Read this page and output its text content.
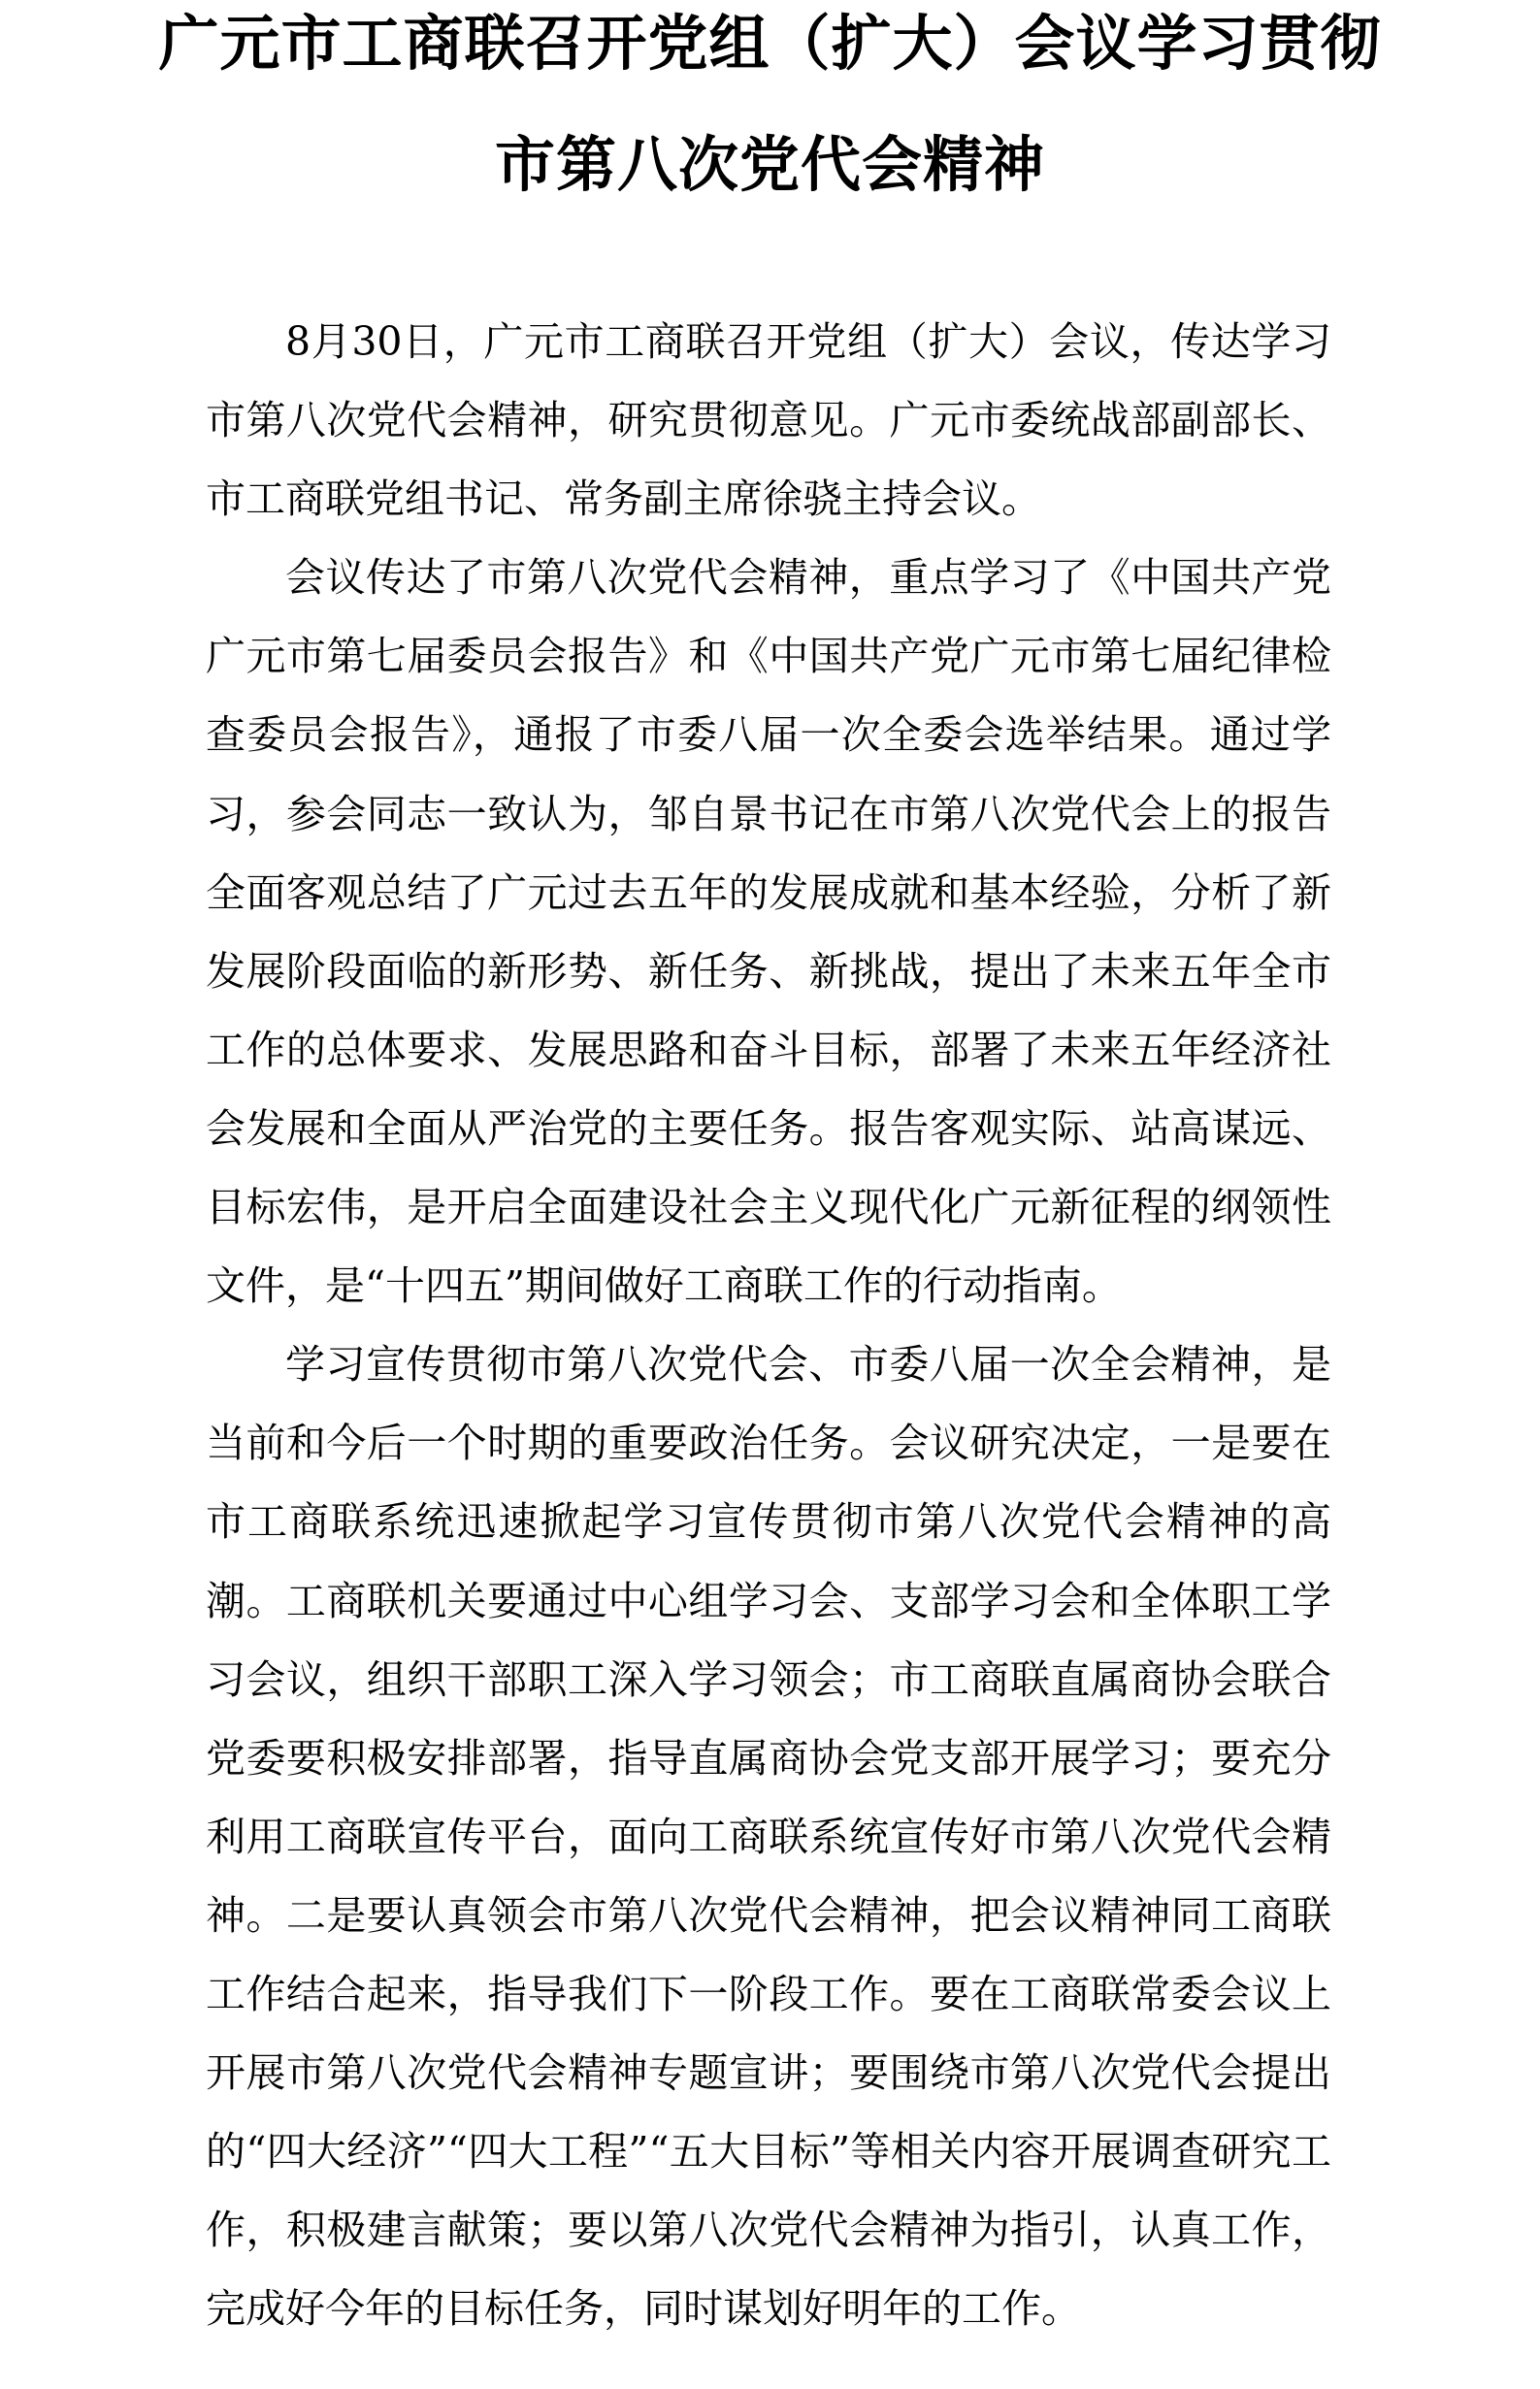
广元市工商联召开党组（扩大）会议学习贯彻
市第八次党代会精神

8月30日，广元市工商联召开党组（扩大）会议，传达学习市第八次党代会精神，研究贯彻意见。广元市委统战部副部长、市工商联党组书记、常务副主席徐骁主持会议。

会议传达了市第八次党代会精神，重点学习了《中国共产党广元市第七届委员会报告》和《中国共产党广元市第七届纪律检查委员会报告》，通报了市委八届一次全委会选举结果。通过学习，参会同志一致认为，邹自景书记在市第八次党代会上的报告全面客观总结了广元过去五年的发展成就和基本经验，分析了新发展阶段面临的新形势、新任务、新挑战，提出了未来五年全市工作的总体要求、发展思路和奋斗目标，部署了未来五年经济社会发展和全面从严治党的主要任务。报告客观实际、站高谋远、目标宏伟，是开启全面建设社会主义现代化广元新征程的纲领性文件，是“十四五”期间做好工商联工作的行动指南。

学习宣传贯彻市第八次党代会、市委八届一次全会精神，是当前和今后一个时期的重要政治任务。会议研究决定，一是要在市工商联系统迅速掀起学习宣传贯彻市第八次党代会精神的高潮。工商联机关要通过中心组学习会、支部学习会和全体职工学习会议，组织干部职工深入学习领会；市工商联直属商协会联合党委要积极安排部署，指导直属商协会党支部开展学习；要充分利用工商联宣传平台，面向工商联系统宣传好市第八次党代会精神。二是要认真领会市第八次党代会精神，把会议精神同工商联工作结合起来，指导我们下一阶段工作。要在工商联常委会议上开展市第八次党代会精神专题宣讲；要围绕市第八次党代会提出的“四大经济”“四大工程”“五大目标”等相关内容开展调查研究工作，积极建言献策；要以第八次党代会精神为指引，认真工作，完成好今年的目标任务，同时谋划好明年的工作。
